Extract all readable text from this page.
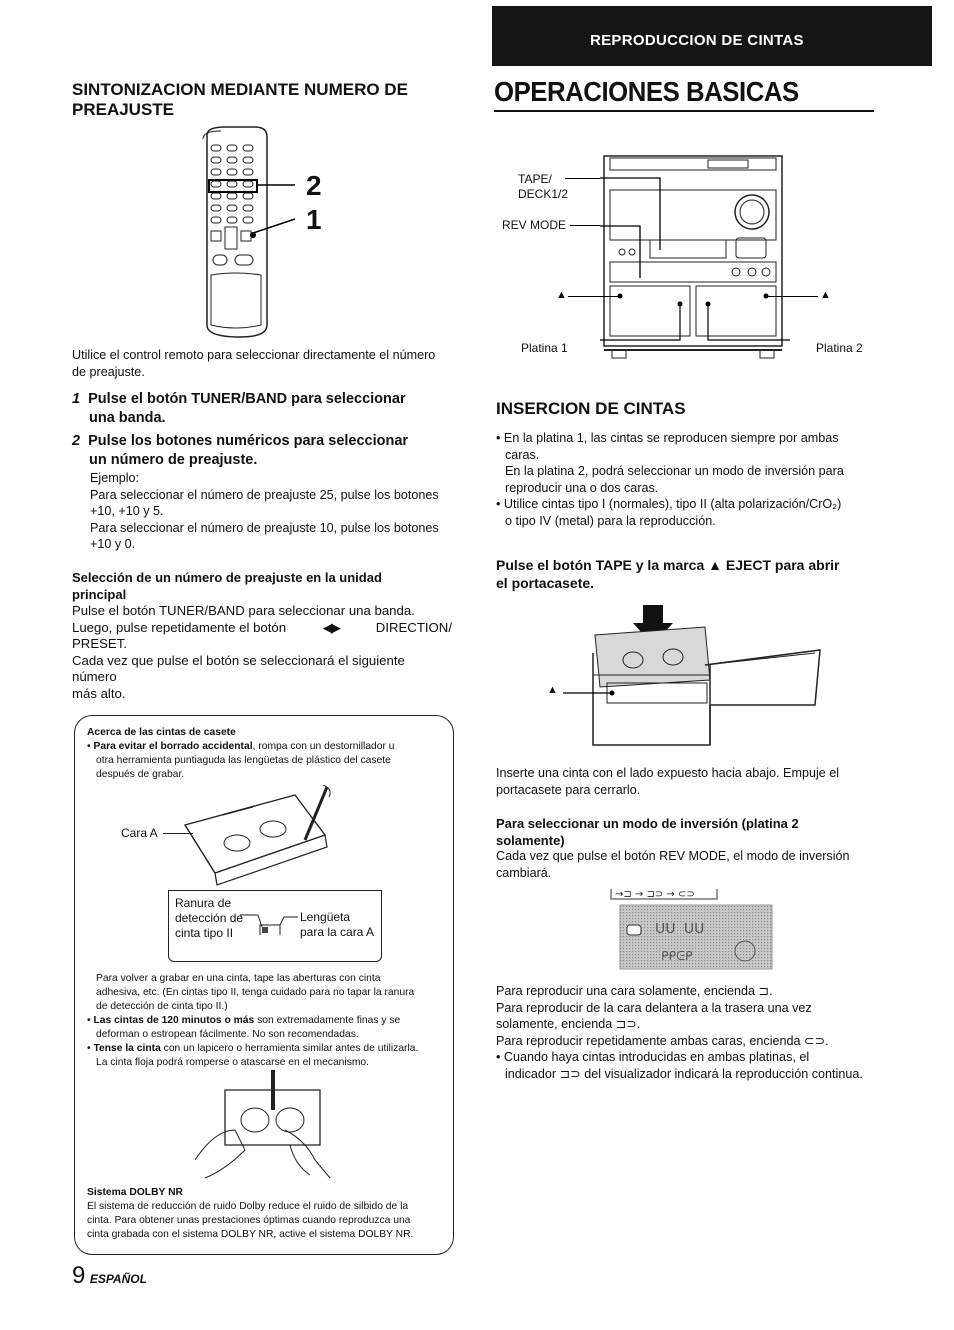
REPRODUCCION DE CINTAS
SINTONIZACION MEDIANTE NUMERO DE
PREAJUSTE
2
1
Utilice el control remoto para seleccionar directamente el número
de preajuste.
1 Pulse el botón TUNER/BAND para seleccionar
una banda.
2 Pulse los botones numéricos para seleccionar
un número de preajuste.
Ejemplo:
Para seleccionar el número de preajuste 25, pulse los botones
+10, +10 y 5.
Para seleccionar el número de preajuste 10, pulse los botones
+10 y 0.
Selección de un número de preajuste en la unidad
principal
Pulse el botón TUNER/BAND para seleccionar una banda.
Luego, pulse repetidamente el botón	◀▶	DIRECTION/
PRESET.
Cada vez que pulse el botón se seleccionará el siguiente número
más alto.
Acerca de las cintas de casete
• Para evitar el borrado accidental, rompa con un destornillador u
otra herramienta puntiaguda las lengüetas de plástico del casete
después de grabar.
Cara A
Ranura de
detección de
cinta tipo II
Lengüeta
para la cara A
Para volver a grabar en una cinta, tape las aberturas con cinta
adhesiva, etc. (En cintas tipo II, tenga cuidado para no tapar la ranura
de detección de cinta tipo II.)
• Las cintas de 120 minutos o más son extremadamente finas y se
deforman o estropean fácilmente. No son recomendadas.
• Tense la cinta con un lapicero o herramienta similar antes de utilizarla.
La cinta floja podrá romperse o atascarse en el mecanismo.
Sistema DOLBY NR
El sistema de reducción de ruido Dolby reduce el ruido de silbido de la
cinta. Para obtener unas prestaciones óptimas cuando reproduzca una
cinta grabada con el sistema DOLBY NR, active el sistema DOLBY NR.
9 ESPAÑOL
OPERACIONES BASICAS
TAPE/
DECK1/2
REV MODE
▲	▲
Platina 1	Platina 2
INSERCION DE CINTAS
• En la platina 1, las cintas se reproducen siempre por ambas
caras.
En la platina 2, podrá seleccionar un modo de inversión para
reproducir una o dos caras.
• Utilice cintas tipo I (normales), tipo II (alta polarización/CrO₂)
o tipo IV (metal) para la reproducción.
Pulse el botón TAPE y la marca ▲ EJECT para abrir
el portacasete.
▲
Inserte una cinta con el lado expuesto hacia abajo. Empuje el
portacasete para cerrarlo.
Para seleccionar un modo de inversión (platina 2
solamente)
Cada vez que pulse el botón REV MODE, el modo de inversión
cambiará.
→⊐ → ⊐⊃ → ⊂⊃
ᑌᑌ ᑌᑌ
ᑭᑭᕮᑭ
Para reproducir una cara solamente, encienda ⊐.
Para reproducir de la cara delantera a la trasera una vez
solamente, encienda ⊐⊃.
Para reproducir repetidamente ambas caras, encienda ⊂⊃.
• Cuando haya cintas introducidas en ambas platinas, el
indicador ⊐⊃ del visualizador indicará la reproducción continua.
